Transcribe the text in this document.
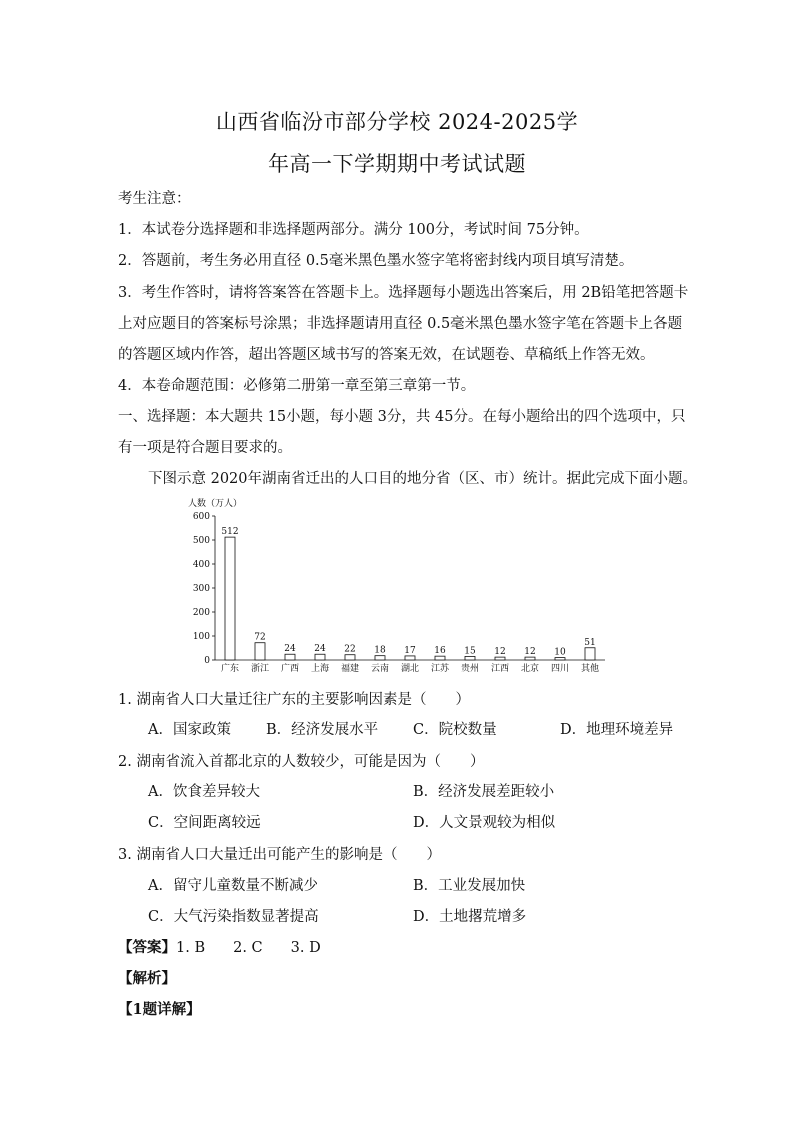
山西省临汾市部分学校 2024-2025学
年高一下学期期中考试试题
考生注意：
1．本试卷分选择题和非选择题两部分。满分 100分，考试时间 75分钟。
2．答题前，考生务必用直径 0.5毫米黑色墨水签字笔将密封线内项目填写清楚。
3．考生作答时，请将答案答在答题卡上。选择题每小题选出答案后，用 2B铅笔把答题卡
上对应题目的答案标号涂黑；非选择题请用直径 0.5毫米黑色墨水签字笔在答题卡上各题
的答题区域内作答，超出答题区域书写的答案无效，在试题卷、草稿纸上作答无效。
4．本卷命题范围：必修第二册第一章至第三章第一节。
一、选择题：本大题共 15小题，每小题 3分，共 45分。在每小题给出的四个选项中，只
有一项是符合题目要求的。
下图示意 2020年湖南省迁出的人口目的地分省（区、市）统计。据此完成下面小题。
人数（万人）
0
100
200
300
400
500
600
512
广东
72
浙江
24
广西
24
上海
22
福建
18
云南
17
湖北
16
江苏
15
贵州
12
江西
12
北京
10
四川
51
其他
1. 湖南省人口大量迁往广东的主要影响因素是（　　）
A．国家政策 B．经济发展水平 C．院校数量	D．地理环境差异
2. 湖南省流入首都北京的人数较少，可能是因为（　　）
A．饮食差异较大	B．经济发展差距较小
C．空间距离较远	D．人文景观较为相似
3. 湖南省人口大量迁出可能产生的影响是（　　）
A．留守儿童数量不断减少	B．工业发展加快
C．大气污染指数显著提高	D．土地撂荒增多
【答案】1. B 2. C 3. D
【解析】
【1题详解】
